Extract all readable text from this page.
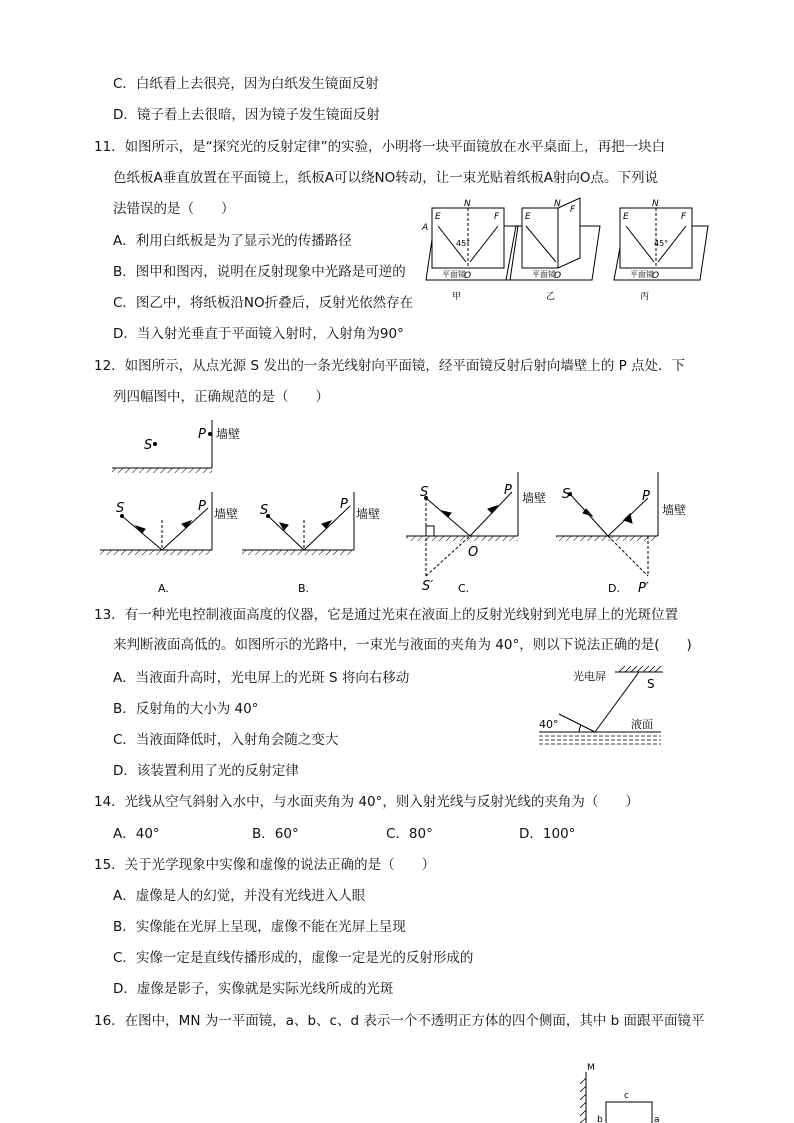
C．白纸看上去很亮，因为白纸发生镜面反射
D．镜子看上去很暗，因为镜子发生镜面反射
11．如图所示，是“探究光的反射定律”的实验，小明将一块平面镜放在水平桌面上，再把一块白
色纸板A垂直放置在平面镜上，纸板A可以绕NO转动，让一束光贴着纸板A射向O点。下列说
法错误的是（　　）
A．利用白纸板是为了显示光的传播路径
B．图甲和图丙，说明在反射现象中光路是可逆的
C．图乙中，将纸板沿NO折叠后，反射光依然存在
D．当入射光垂直于平面镜入射时，入射角为90°
E	F
N
O
A
E
F
N
O
E	F
N
O
45°	45°
平面镜	平面镜	平面镜
甲	乙	丙
12．如图所示，从点光源 S 发出的一条光线射向平面镜，经平面镜反射后射向墙壁上的 P 点处．下
列四幅图中，正确规范的是（　　）
S
P 墙壁
S	P 墙壁 S	P
墙壁
S	P 墙壁
O
S′
S	P
墙壁
P′
A.	B.	C.	D.
13．有一种光电控制液面高度的仪器，它是通过光束在液面上的反射光线射到光电屏上的光斑位置
来判断液面高低的。如图所示的光路中，一束光与液面的夹角为 40°，则以下说法正确的是(　　)
A．当液面升高时，光电屏上的光斑 S 将向右移动
B．反射角的大小为 40°
C．当液面降低时，入射角会随之变大
D．该装置利用了光的反射定律
光电屏
S
40°	液面
14．光线从空气斜射入水中，与水面夹角为 40°，则入射光线与反射光线的夹角为（　　）
A．40°	B．60°	C．80°	D．100°
15．关于光学现象中实像和虚像的说法正确的是（　　）
A．虚像是人的幻觉，并没有光线进入人眼
B．实像能在光屏上呈现，虚像不能在光屏上呈现
C．实像一定是直线传播形成的，虚像一定是光的反射形成的
D．虚像是影子，实像就是实际光线所成的光斑
16．在图中，MN 为一平面镜，a、b、c、d 表示一个不透明正方体的四个侧面，其中 b 面跟平面镜平
M
c
b	a
